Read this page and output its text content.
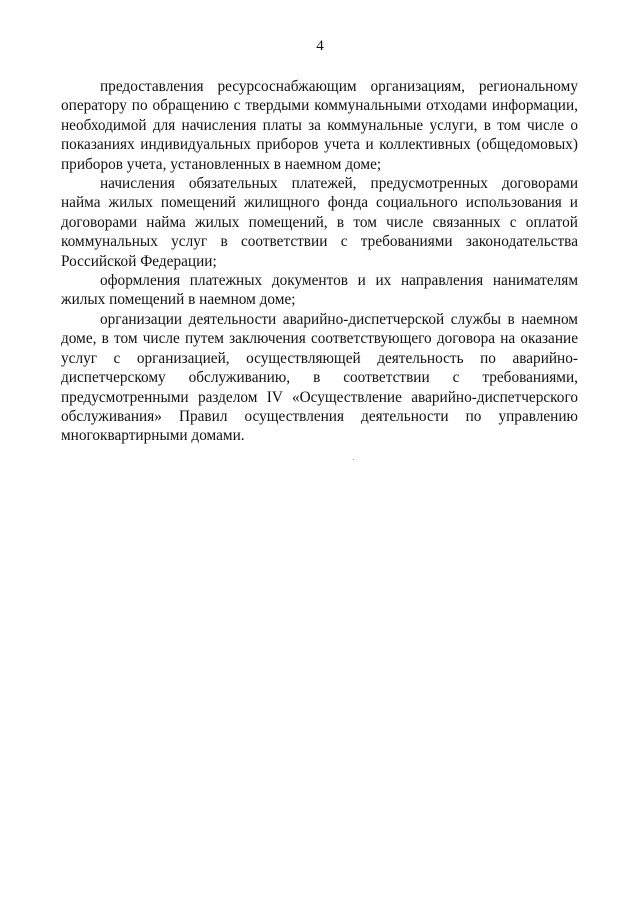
4

предоставления ресурсоснабжающим организациям, региональному оператору по обращению с твердыми коммунальными отходами информации, необходимой для начисления платы за коммунальные услуги, в том числе о показаниях индивидуальных приборов учета и коллективных (общедомовых) приборов учета, установленных в наемном доме;

начисления обязательных платежей, предусмотренных договорами найма жилых помещений жилищного фонда социального использования и договорами найма жилых помещений, в том числе связанных с оплатой коммунальных услуг в соответствии с требованиями законодательства Российской Федерации;

оформления платежных документов и их направления нанимателям жилых помещений в наемном доме;

организации деятельности аварийно-диспетчерской службы в наемном доме, в том числе путем заключения соответствующего договора на оказание услуг с организацией, осуществляющей деятельность по аварийно-диспетчерскому обслуживанию, в соответствии с требованиями, предусмотренными разделом IV «Осуществление аварийно-диспетчерского обслуживания» Правил осуществления деятельности по управлению многоквартирными домами.
